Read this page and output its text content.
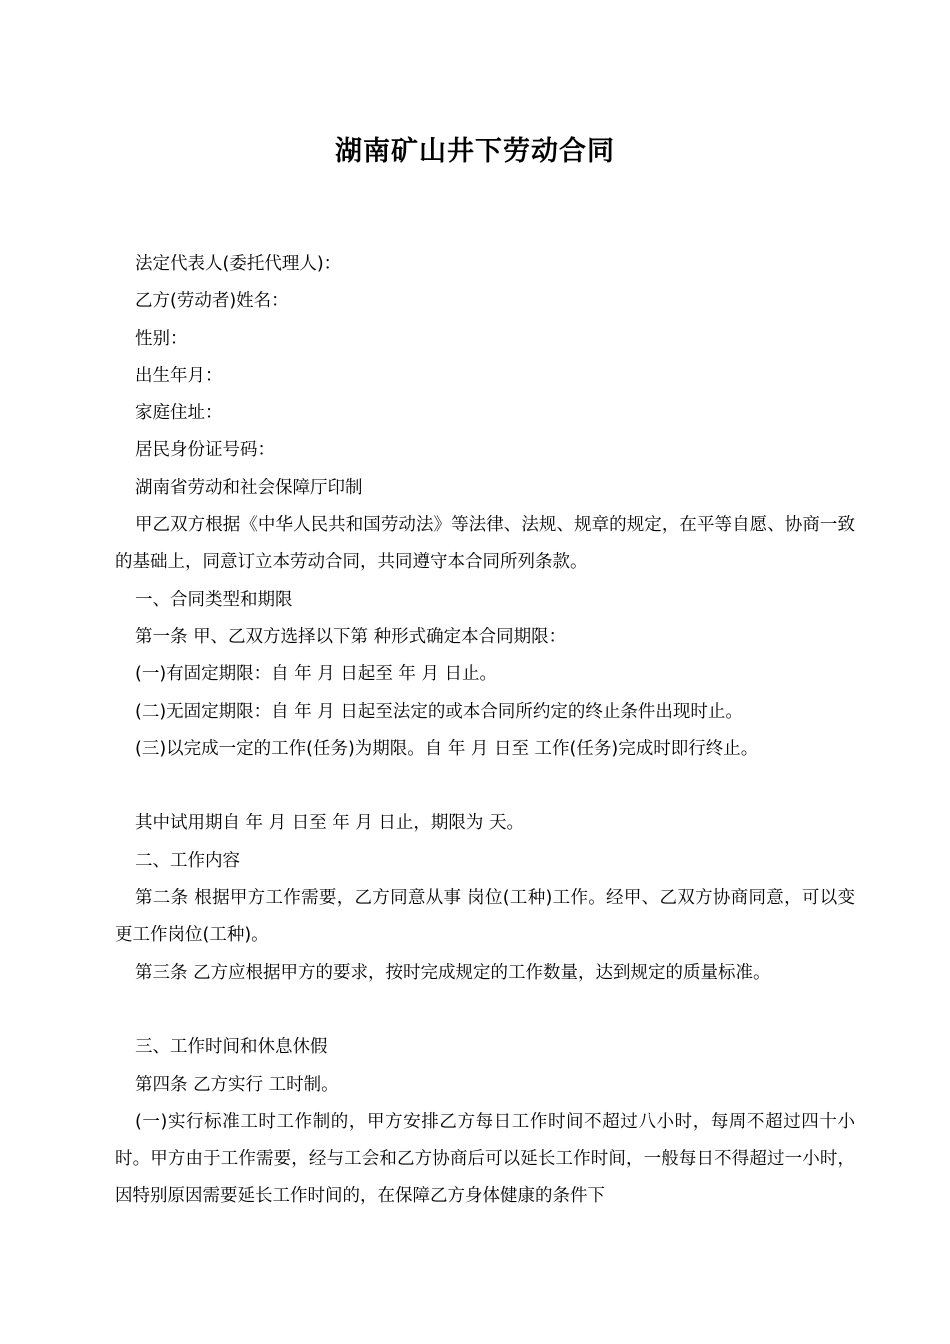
湖南矿山井下劳动合同

法定代表人(委托代理人)：

乙方(劳动者)姓名：

性别：

出生年月：

家庭住址：

居民身份证号码：

湖南省劳动和社会保障厅印制

甲乙双方根据《中华人民共和国劳动法》等法律、法规、规章的规定，在平等自愿、协商一致的基础上，同意订立本劳动合同，共同遵守本合同所列条款。

一、合同类型和期限

第一条 甲、乙双方选择以下第 种形式确定本合同期限：

(一)有固定期限：自 年 月 日起至 年 月 日止。

(二)无固定期限：自 年 月 日起至法定的或本合同所约定的终止条件出现时止。

(三)以完成一定的工作(任务)为期限。自 年 月 日至 工作(任务)完成时即行终止。

其中试用期自 年 月 日至 年 月 日止，期限为 天。

二、工作内容

第二条 根据甲方工作需要，乙方同意从事 岗位(工种)工作。经甲、乙双方协商同意，可以变更工作岗位(工种)。

第三条 乙方应根据甲方的要求，按时完成规定的工作数量，达到规定的质量标准。

三、工作时间和休息休假

第四条 乙方实行 工时制。

(一)实行标准工时工作制的，甲方安排乙方每日工作时间不超过八小时，每周不超过四十小时。甲方由于工作需要，经与工会和乙方协商后可以延长工作时间，一般每日不得超过一小时，因特别原因需要延长工作时间的，在保障乙方身体健康的条件下
